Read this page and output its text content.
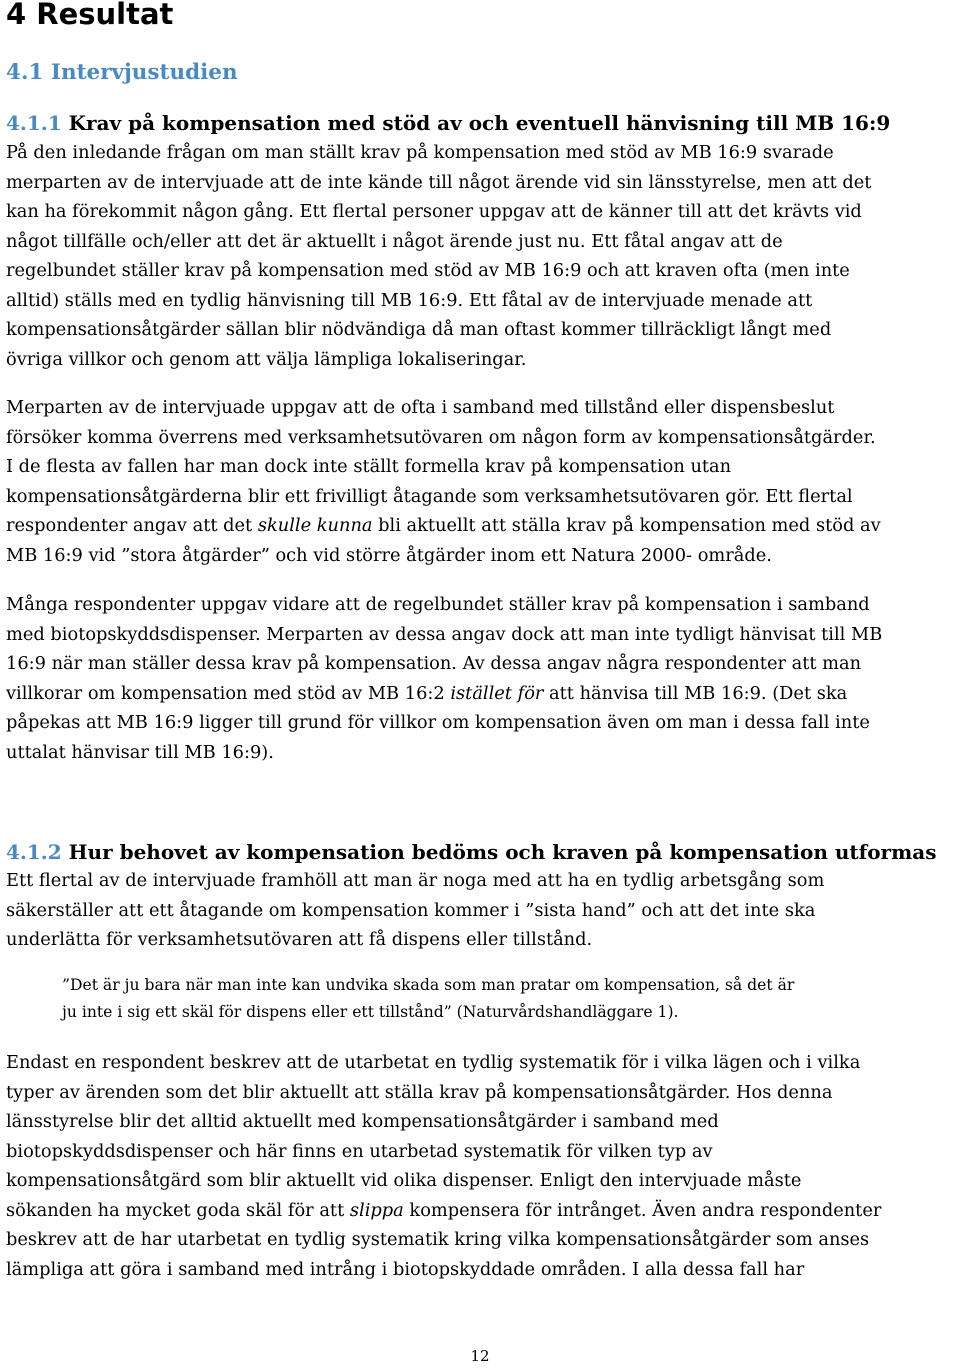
4 Resultat
4.1 Intervjustudien
4.1.1 Krav på kompensation med stöd av och eventuell hänvisning till MB 16:9

På den inledande frågan om man ställt krav på kompensation med stöd av MB 16:9 svarade
merparten av de intervjuade att de inte kände till något ärende vid sin länsstyrelse, men att det
kan ha förekommit någon gång. Ett flertal personer uppgav att de känner till att det krävts vid
något tillfälle och/eller att det är aktuellt i något ärende just nu. Ett fåtal angav att de
regelbundet ställer krav på kompensation med stöd av MB 16:9 och att kraven ofta (men inte
alltid) ställs med en tydlig hänvisning till MB 16:9. Ett fåtal av de intervjuade menade att
kompensationsåtgärder sällan blir nödvändiga då man oftast kommer tillräckligt långt med
övriga villkor och genom att välja lämpliga lokaliseringar.

Merparten av de intervjuade uppgav att de ofta i samband med tillstånd eller dispensbeslut
försöker komma överrens med verksamhetsutövaren om någon form av kompensationsåtgärder.
I de flesta av fallen har man dock inte ställt formella krav på kompensation utan
kompensationsåtgärderna blir ett frivilligt åtagande som verksamhetsutövaren gör. Ett flertal
respondenter angav att det skulle kunna bli aktuellt att ställa krav på kompensation med stöd av
MB 16:9 vid ”stora åtgärder” och vid större åtgärder inom ett Natura 2000- område.

Många respondenter uppgav vidare att de regelbundet ställer krav på kompensation i samband
med biotopskyddsdispenser. Merparten av dessa angav dock att man inte tydligt hänvisat till MB
16:9 när man ställer dessa krav på kompensation. Av dessa angav några respondenter att man
villkorar om kompensation med stöd av MB 16:2 istället för att hänvisa till MB 16:9. (Det ska
påpekas att MB 16:9 ligger till grund för villkor om kompensation även om man i dessa fall inte
uttalat hänvisar till MB 16:9).

4.1.2 Hur behovet av kompensation bedöms och kraven på kompensation utformas

Ett flertal av de intervjuade framhöll att man är noga med att ha en tydlig arbetsgång som
säkerställer att ett åtagande om kompensation kommer i ”sista hand” och att det inte ska
underlätta för verksamhetsutövaren att få dispens eller tillstånd.

”Det är ju bara när man inte kan undvika skada som man pratar om kompensation, så det är
ju inte i sig ett skäl för dispens eller ett tillstånd” (Naturvårdshandläggare 1).

Endast en respondent beskrev att de utarbetat en tydlig systematik för i vilka lägen och i vilka
typer av ärenden som det blir aktuellt att ställa krav på kompensationsåtgärder. Hos denna
länsstyrelse blir det alltid aktuellt med kompensationsåtgärder i samband med
biotopskyddsdispenser och här finns en utarbetad systematik för vilken typ av
kompensationsåtgärd som blir aktuellt vid olika dispenser. Enligt den intervjuade måste
sökanden ha mycket goda skäl för att slippa kompensera för intrånget. Även andra respondenter
beskrev att de har utarbetat en tydlig systematik kring vilka kompensationsåtgärder som anses
lämpliga att göra i samband med intrång i biotopskyddade områden. I alla dessa fall har

12
